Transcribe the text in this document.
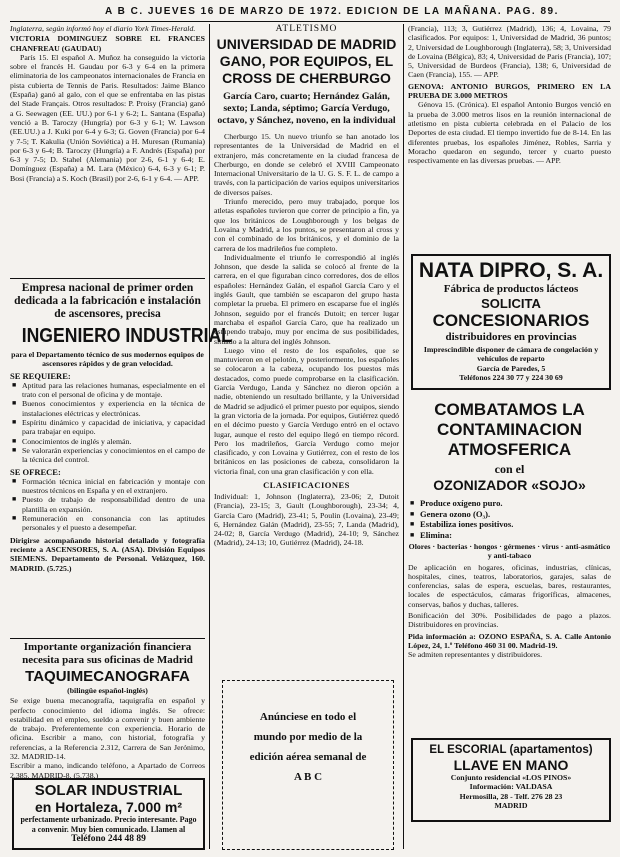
A B C. JUEVES 16 DE MARZO DE 1972. EDICION DE LA MAÑANA. PAG. 89.

Inglaterra, según informó hoy el diario York Times-Herald.

VICTORIA DOMINGUEZ SOBRE EL FRANCES CHANFREAU (GAUDAU)

París 15. El español A. Muñoz ha conseguido la victoria sobre el francés H. Gaudau por 6-3 y 6-4 en la primera eliminatoria de los campeonatos internacionales de Francia en pista cubierta de Tennis de Paris. Resultados: Jaime Blanco (España) ganó al galo, con el que se enfrentaba en las pistas del Stade Français. Otros resultados: P. Proisy (Francia) ganó a G. Seewagen (EE. UU.) por 6-1 y 6-2; L. Santana (España) venció a B. Taroczy (Hungría) por 6-3 y 6-1; W. Lawson (EE.UU.) a J. Kuki por 6-4 y 6-3; G. Goven (Francia) por 6-4 y 7-5; T. Kakulia (Unión Soviética) a H. Muresan (Rumania) por 6-3 y 6-4; B. Taroczy (Hungría) a F. Andrés (España) por 6-3 y 7-5; D. Stahel (Alemania) por 2-6, 6-1 y 6-4; E. Domínguez (España) a M. Lara (México) 6-4, 6-3 y 6-1; P. Bosi (Francia) a S. Koch (Brasil) por 2-6, 6-1 y 6-4. — APP.

Empresa nacional de primer orden dedicada a la fabricación e instalación de ascensores, precisa
INGENIERO INDUSTRIAL
para el Departamento técnico de sus modernos equipos de ascensores rápidos y de gran velocidad.
SE REQUIERE:
■ Aptitud para las relaciones humanas, especialmente en el trato con el personal de oficina y de montaje.
■ Buenos conocimientos y experiencia en la técnica de instalaciones eléctricas y electrónicas.
■ Espíritu dinámico y capacidad de iniciativa, y capacidad para trabajar en equipo.
■ Conocimientos de inglés y alemán.
■ Se valorarán experiencias y conocimientos en el campo de la técnica del control.
SE OFRECE:
■ Formación técnica inicial en fabricación y montaje con nuestros técnicos en España y en el extranjero.
■ Puesto de trabajo de responsabilidad dentro de una plantilla en expansión.
■ Remuneración en consonancia con las aptitudes personales y el puesto a desempeñar.

Dirigirse acompañando historial detallado y fotografía reciente a ASCENSORES, S. A. (ASA). División Equipos SIEMENS. Departamento de Personal. Velázquez, 160. MADRID. (5.725.)

Importante organización financiera necesita para sus oficinas de Madrid
TAQUIMECANOGRAFA
(bilingüe español-inglés)

Se exige buena mecanografía, taquigrafía en español y perfecto conocimiento del idioma inglés. Se ofrece: estabilidad en el empleo, sueldo a convenir y buen ambiente de trabajo. Preferentemente con experiencia. Horario de oficina. Escribir a mano, con historial, fotografía y referencias, a la Referencia 2.312, Carrera de San Jerónimo, 32. MADRID-14.

Escribir a mano, indicando teléfono, a Apartado de Correos 2.385. MADRID-8. (5.738.)

SOLAR INDUSTRIAL
en Hortaleza, 7.000 m²
perfectamente urbanizado. Precio interesante. Pago a convenir. Muy bien comunicado. Llamen al
Teléfono 244 48 89
ATLETISMO
UNIVERSIDAD DE MADRID GANO, POR EQUIPOS, EL CROSS DE CHERBURGO
García Caro, cuarto; Hernández Galán, sexto; Landa, séptimo; García Verdugo, octavo, y Sánchez, noveno, en la individual

Cherburgo 15. Un nuevo triunfo se han anotado los representantes de la Universidad de Madrid en el extranjero, más concretamente en la ciudad francesa de Cherburgo, en donde se celebró el XVIII Campeonato Internacional Universitario de la U. G. S. F. L. de campo a través, con la participación de varios equipos universitarios de diversos países.

Triunfo merecido, pero muy trabajado, porque los atletas españoles tuvieron que correr de principio a fin, ya que los británicos de Loughborough y los belgas de Lovaina y Madrid, a los puntos, se presentaron al cross y con el combinado de los británicos, y el dominio de la carrera de los madrileños fue completo.

Individualmente el triunfo le correspondió al inglés Johnson, que desde la salida se colocó al frente de la carrera, en el que figuraban cinco corredores, dos de ellos españoles: Hernández Galán, el español García Caro y el inglés Gault, que también se escaparon del grupo hasta completar la prueba. El primero en escaparse fue el inglés Johnson, seguido por el francés Dutoit; en tercer lugar marchaba el español García Caro, que ha realizado un estupendo trabajo, muy por encima de sus posibilidades, situado a la altura del inglés Johnson.

Luego vino el resto de los españoles, que se mantuvieron en el pelotón, y posteriormente, los españoles se colocaron a la cabeza, ocupando los puestos más destacados, como puede comprobarse en la clasificación. García Verdugo, Landa y Sánchez no dieron opción a nadie, obteniendo un resultado brillante, y la Universidad de Madrid se adjudicó el primer puesto por equipos, siendo la gran victoria de la jornada. Por equipos, Gutiérrez quedó en el décimo puesto y García Verdugo entró en el octavo lugar, aunque el resto del equipo llegó en tiempo récord. Pero los madrileños, García Verdugo como mejor clasificado, y con Lovaina y Gutiérrez, con el resto de los británicos en las posiciones de cabeza, consolidaron la victoria final, con una gran clasificación y con ella.

CLASIFICACIONES

Individual: 1, Johnson (Inglaterra), 23-06; 2, Dutoit (Francia), 23-15; 3, Gault (Loughborough), 23-34; 4, García Caro (Madrid), 23-41; 5, Poulin (Lovaina), 23-49; 6, Hernández Galán (Madrid), 23-55; 7, Landa (Madrid), 24-02; 8, García Verdugo (Madrid), 24-10; 9, Sánchez (Madrid), 24-13; 10, Gutiérrez (Madrid), 24-18.

Anúnciese en todo el mundo por medio de la edición aérea semanal de A B C

(Francia), 113; 3, Gutiérrez (Madrid), 136; 4, Lovaina, 79 clasificados. Por equipos: 1, Universidad de Madrid, 36 puntos; 2, Universidad de Loughborough (Inglaterra), 58; 3, Universidad de Lovaina (Bélgica), 83; 4, Universidad de Paris (Francia), 107; 5, Universidad de Burdeos (Francia), 138; 6, Universidad de Caen (Francia), 155. — APP.

GENOVA: ANTONIO BURGOS, PRIMERO EN LA PRUEBA DE 3.000 METROS

Génova 15. (Crónica). El español Antonio Burgos venció en la prueba de 3.000 metros lisos en la reunión internacional de atletismo en pista cubierta celebrada en el Palacio de los Deportes de esta ciudad. El tiempo invertido fue de 8-14. En las diferentes pruebas, los españoles Jiménez, Robles, Sarria y Moracho quedaron en segundo, tercer y cuarto puesto respectivamente en las diversas pruebas. — APP.

NATA DIPRO, S. A.
Fábrica de productos lácteos
SOLICITA
CONCESIONARIOS
distribuidores en provincias
Imprescindible disponer de cámara de congelación y vehículos de reparto
García de Paredes, 5
Teléfonos 224 30 77 y 224 30 69
COMBATAMOS LA CONTAMINACION ATMOSFERICA
con el
OZONIZADOR «SOJO»
■ Produce oxígeno puro.
■ Genera ozono (O₃).
■ Estabiliza iones positivos.
■ Elimina:

Olores · bacterias · hongos · gérmenes · virus · anti-asmático y anti-tabaco

De aplicación en hogares, oficinas, industrias, clínicas, hospitales, cines, teatros, laboratorios, garajes, salas de conferencias, salas de espera, escuelas, bares, restaurantes, locales de espectáculos, cámaras frigoríficas, almacenes, conservas, baños y duchas, talleres.

Bonificación del 30%. Posibilidades de pago a plazos. Distribuidores en provincias.

Pida información a: OZONO ESPAÑA, S. A. Calle Antonio López, 24, 1.º Teléfono 460 31 00. Madrid-19.

Se admiten representantes y distribuidores.

EL ESCORIAL (apartamentos)
LLAVE EN MANO
Conjunto residencial «LOS PINOS»
Información: VALDASA
Hermosilla, 28 - Telf. 276 28 23
MADRID
